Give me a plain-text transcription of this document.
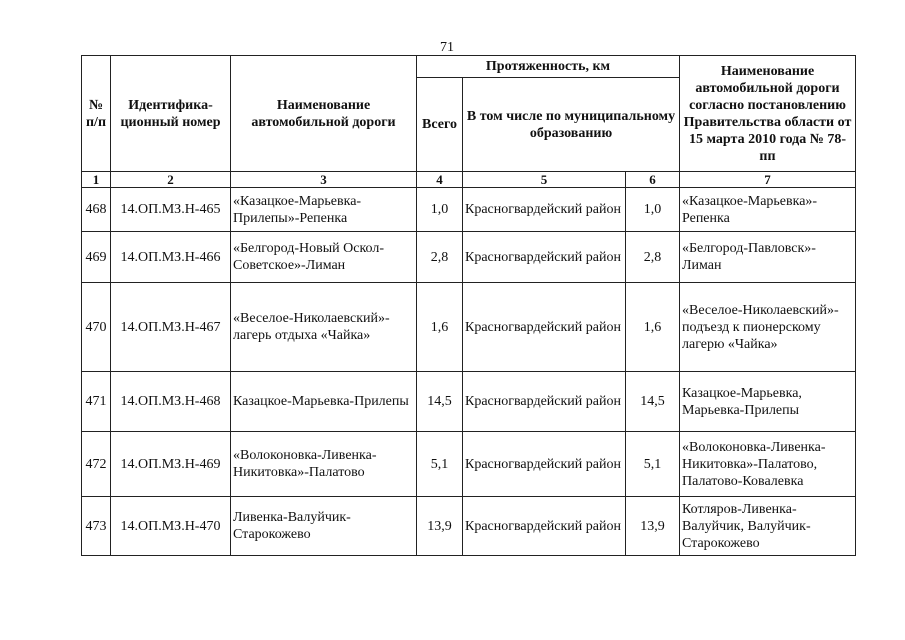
71
№ п/п	Идентифика-ционный номер	Наименование автомобильной дороги	Протяженность, км			Наименование автомобильной дороги согласно постановлению Правительства области от 15 марта 2010 года № 78-пп
			Всего	В том числе по муниципальному образованию		
1	2	3	4	5	6	7
468	14.ОП.МЗ.Н-465	«Казацкое-Марьевка-Прилепы»-Репенка	1,0	Красногвардейский район	1,0	«Казацкое-Марьевка»-Репенка
469	14.ОП.МЗ.Н-466	«Белгород-Новый Оскол-Советское»-Лиман	2,8	Красногвардейский район	2,8	«Белгород-Павловск»-Лиман
470	14.ОП.МЗ.Н-467	«Веселое-Николаевский»-лагерь отдыха «Чайка»	1,6	Красногвардейский район	1,6	«Веселое-Николаевский»-подъезд к пионерскому лагерю «Чайка»
471	14.ОП.МЗ.Н-468	Казацкое-Марьевка-Прилепы	14,5	Красногвардейский район	14,5	Казацкое-Марьевка, Марьевка-Прилепы
472	14.ОП.МЗ.Н-469	«Волоконовка-Ливенка-Никитовка»-Палатово	5,1	Красногвардейский район	5,1	«Волоконовка-Ливенка-Никитовка»-Палатово, Палатово-Ковалевка
473	14.ОП.МЗ.Н-470	Ливенка-Валуйчик-Старокожево	13,9	Красногвардейский район	13,9	Котляров-Ливенка-Валуйчик, Валуйчик-Старокожево
